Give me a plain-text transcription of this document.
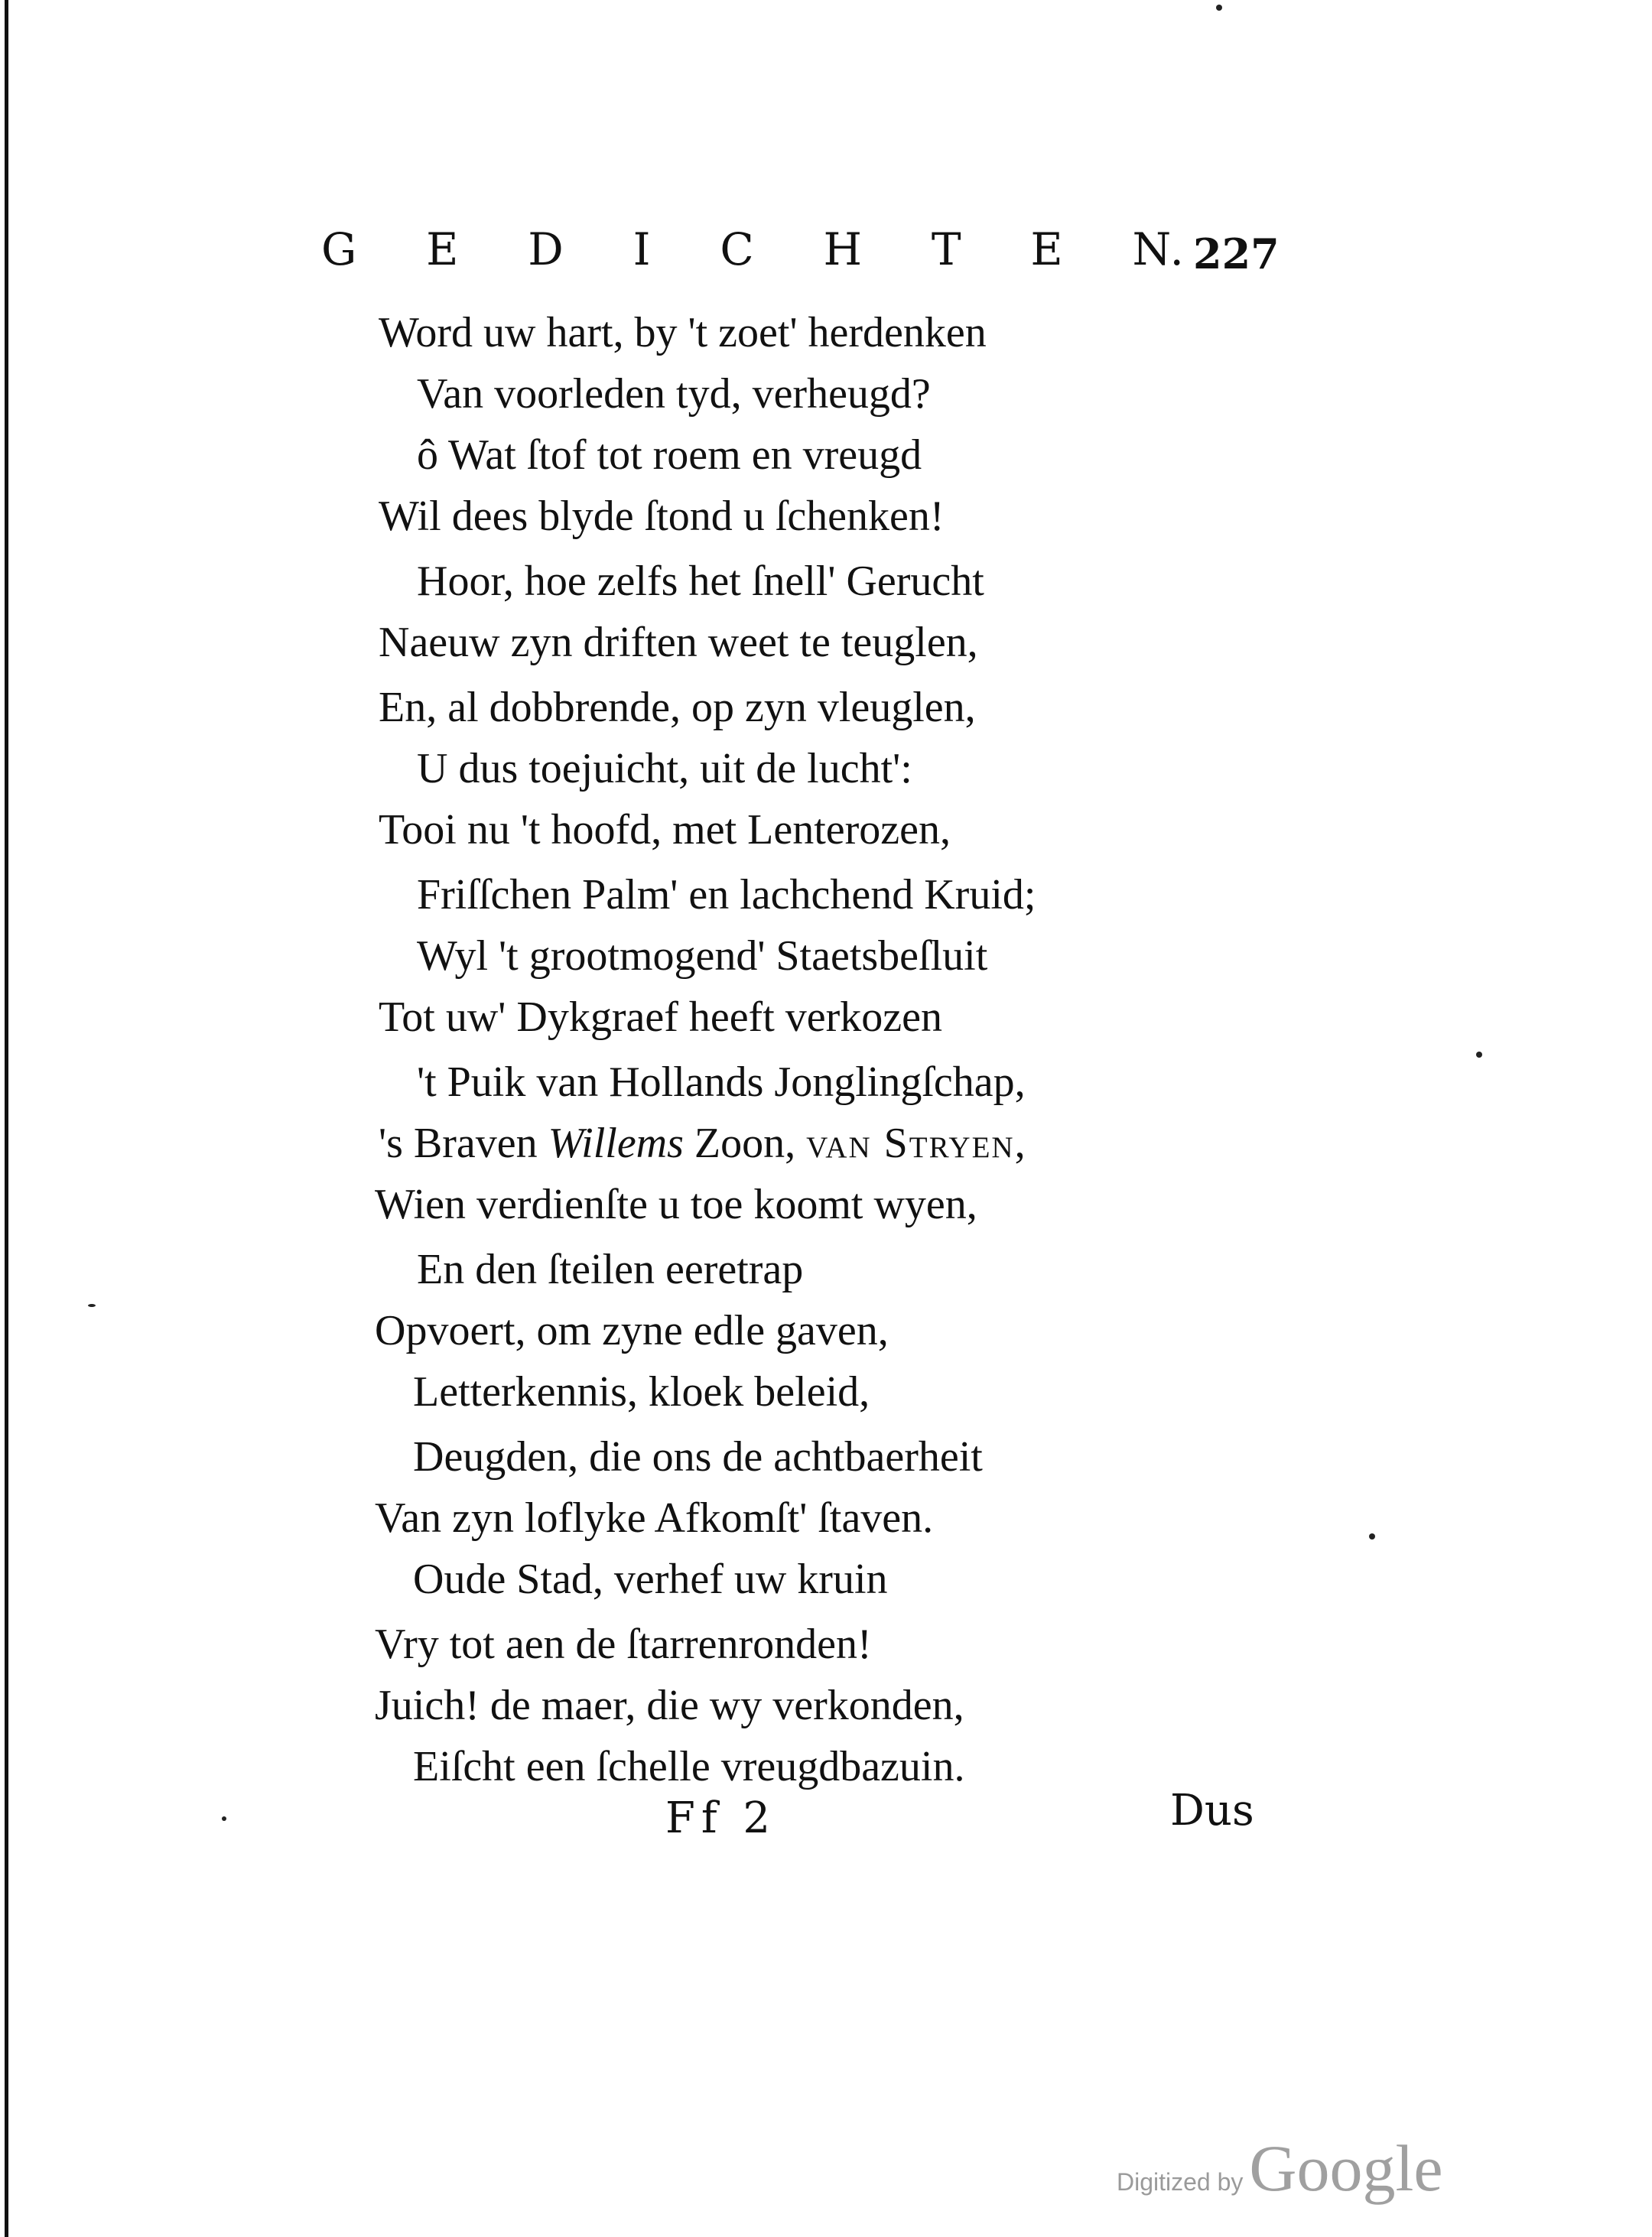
G E D I C H T E N. 227
Word uw hart, by 't zoet' herdenken
Van voorleden tyd, verheugd?
ô Wat ſtof tot roem en vreugd
Wil dees blyde ſtond u ſchenken!
Hoor, hoe zelfs het ſnell' Gerucht
Naeuw zyn driften weet te teuglen,
En, al dobbrende, op zyn vleuglen,
U dus toejuicht, uit de lucht':
Tooi nu 't hoofd, met Lenterozen,
Friſſchen Palm' en lachchend Kruid;
Wyl 't grootmogend' Staetsbeſluit
Tot uw' Dykgraef heeft verkozen
't Puik van Hollands Jonglingſchap,
's Braven Willems Zoon, van Stryen,
Wien verdienſte u toe koomt wyen,
En den ſteilen eeretrap
Opvoert, om zyne edle gaven,
Letterkennis, kloek beleid,
Deugden, die ons de achtbaerheit
Van zyn loflyke Afkomſt' ſtaven.
Oude Stad, verhef uw kruin
Vry tot aen de ſtarrenronden!
Juich! de maer, die wy verkonden,
Eiſcht een ſchelle vreugdbazuin.
Ff 2	Dus
Digitized by Google
